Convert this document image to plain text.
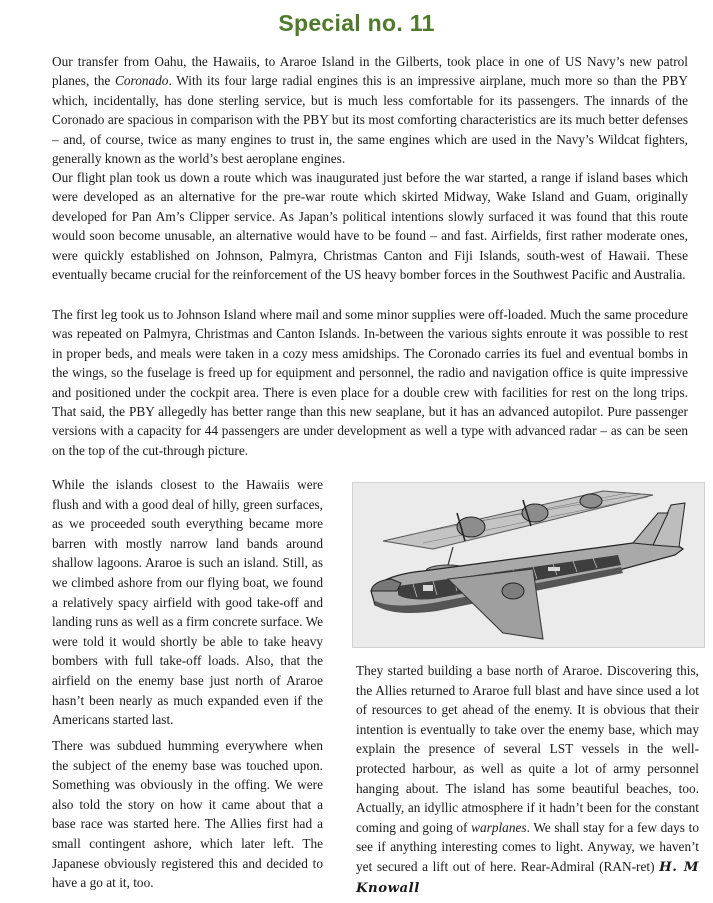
Special no. 11

Our transfer from Oahu, the Hawaiis, to Araroe Island in the Gilberts, took place in one of US Navy’s new patrol planes, the Coronado. With its four large radial engines this is an impressive airplane, much more so than the PBY which, incidentally, has done sterling service, but is much less comfortable for its passengers. The innards of the Coronado are spacious in comparison with the PBY but its most comforting characteristics are its much better defenses – and, of course, twice as many engines to trust in, the same engines which are used in the Navy’s Wildcat fighters, generally known as the world’s best aeroplane engines.

Our flight plan took us down a route which was inaugurated just before the war started, a range if island bases which were developed as an alternative for the pre-war route which skirted Midway, Wake Island and Guam, originally developed for Pan Am’s Clipper service. As Japan’s political intentions slowly surfaced it was found that this route would soon become unusable, an alternative would have to be found – and fast. Airfields, first rather moderate ones, were quickly established on Johnson, Palmyra, Christmas Canton and Fiji Islands, south-west of Hawaii. These eventually became crucial for the reinforcement of the US heavy bomber forces in the Southwest Pacific and Australia.

The first leg took us to Johnson Island where mail and some minor supplies were off-loaded. Much the same procedure was repeated on Palmyra, Christmas and Canton Islands. In-between the various sights enroute it was possible to rest in proper beds, and meals were taken in a cozy mess amidships. The Coronado carries its fuel and eventual bombs in the wings, so the fuselage is freed up for equipment and personnel, the radio and navigation office is quite impressive and positioned under the cockpit area. There is even place for a double crew with facilities for rest on the long trips. That said, the PBY allegedly has better range than this new seaplane, but it has an advanced autopilot. Pure passenger versions with a capacity for 44 passengers are under development as well a type with advanced radar – as can be seen on the top of the cut-through picture.

While the islands closest to the Hawaiis were flush and with a good deal of hilly, green surfaces, as we proceeded south everything became more barren with mostly narrow land bands around shallow lagoons. Araroe is such an island. Still, as we climbed ashore from our flying boat, we found a relatively spacy airfield with good take-off and landing runs as well as a firm concrete surface. We were told it would shortly be able to take heavy bombers with full take-off loads. Also, that the airfield on the enemy base just north of Araroe hasn’t been nearly as much expanded even if the Americans started last.

There was subdued humming everywhere when the subject of the enemy base was touched upon. Something was obviously in the offing. We were also told the story on how it came about that a base race was started here. The Allies first had a small contingent ashore, which later left. The Japanese obviously registered this and decided to have a go at it, too.

They started building a base north of Araroe. Discovering this, the Allies returned to Araroe full blast and have since used a lot of resources to get ahead of the enemy. It is obvious that their intention is eventually to take over the enemy base, which may explain the presence of several LST vessels in the well-protected harbour, as well as quite a lot of army personnel hanging about. The island has some beautiful beaches, too. Actually, an idyllic atmosphere if it hadn’t been for the constant coming and going of warplanes. We shall stay for a few days to see if anything interesting comes to light. Anyway, we haven’t yet secured a lift out of here. Rear-Admiral (RAN-ret) H. M Knowall
